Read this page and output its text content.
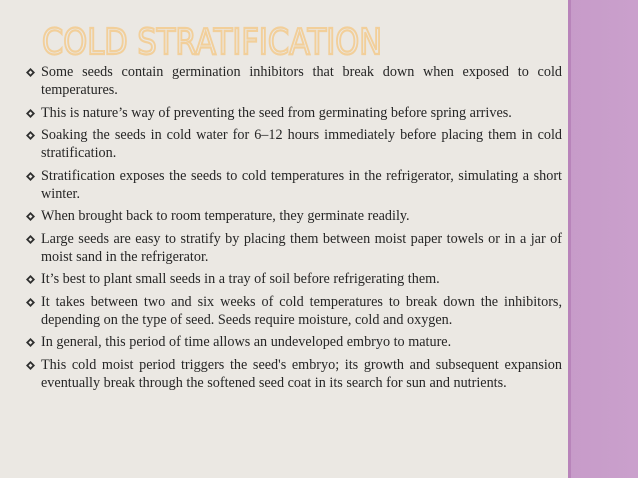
COLD STRATIFICATION
Some seeds contain germination inhibitors that break down when exposed to cold temperatures.
This is nature’s way of preventing the seed from germinating before spring arrives.
Soaking the seeds in cold water for 6–12 hours immediately before placing them in cold stratification.
Stratification exposes the seeds to cold temperatures in the refrigerator, simulating a short winter.
When brought back to room temperature, they germinate readily.
Large seeds are easy to stratify by placing them between moist paper towels or in a jar of moist sand in the refrigerator.
It’s best to plant small seeds in a tray of soil before refrigerating them.
It takes between two and six weeks of cold temperatures to break down the inhibitors, depending on the type of seed. Seeds require moisture, cold and oxygen.
In general, this period of time allows an undeveloped embryo to mature.
This cold moist period triggers the seed's embryo; its growth and subsequent expansion eventually break through the softened seed coat in its search for sun and nutrients.
